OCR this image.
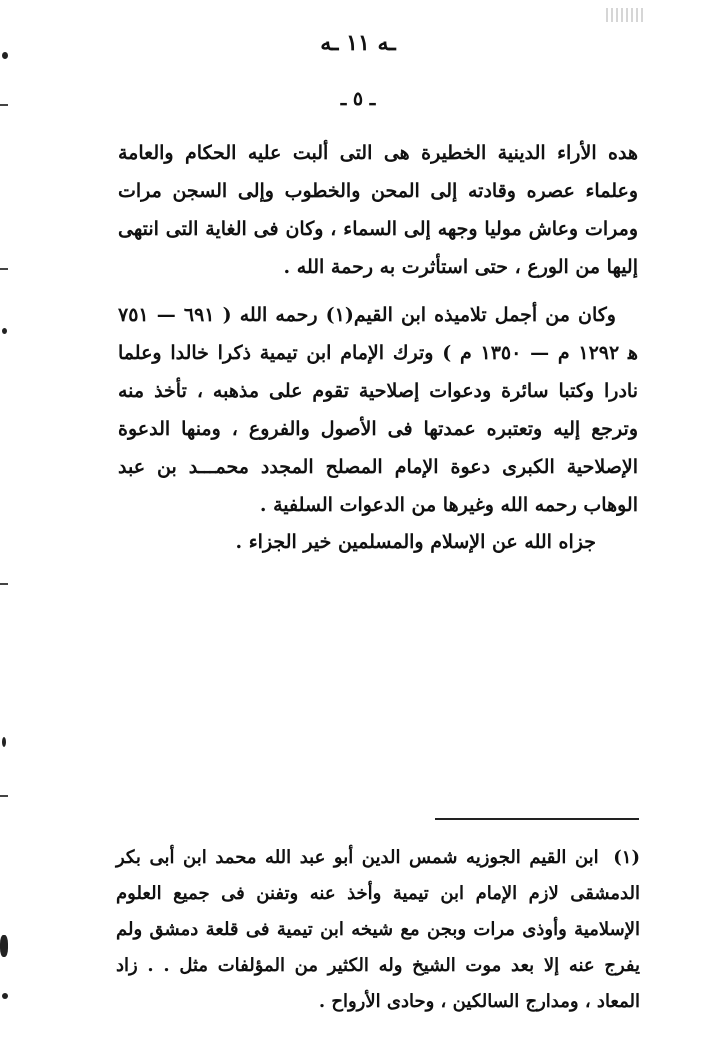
ـه ١١ ـه
ـ ٥ ـ

هده الأراء الدينية الخطيرة هى التى ألبت عليه الحكام والعامة وعلماء عصره وقادته إلى المحن والخطوب وإلى السجن مرات ومرات وعاش موليا وجهه إلى السماء ، وكان فى الغاية التى انتهى إليها من الورع ، حتى استأثرت به رحمة الله .

وكان من أجمل تلاميذه ابن القيم(١) رحمه الله ( ٦٩١ — ٧٥١ ﻫ ١٢٩٢ م — ١٣٥٠ م ) وترك الإمام ابن تيمية ذكرا خالدا وعلما نادرا وكتبا سائرة ودعوات إصلاحية تقوم على مذهبه ، تأخذ منه وترجع إليه وتعتبره عمدتها فى الأصول والفروع ، ومنها الدعوة الإصلاحية الكبرى دعوة الإمام المصلح المجدد محمـــد بن عبد الوهاب رحمه الله وغيرها من الدعوات السلفية .

جزاه الله عن الإسلام والمسلمين خير الجزاء .

(١) ابن القيم الجوزيه شمس الدين أبو عبد الله محمد ابن أبى بكر الدمشقى لازم الإمام ابن تيمية وأخذ عنه وتفنن فى جميع العلوم الإسلامية وأوذى مرات وبجن مع شيخه ابن تيمية فى قلعة دمشق ولم يفرج عنه إلا بعد موت الشيخ وله الكثير من المؤلفات مثل . . زاد المعاد ، ومدارج السالكين ، وحادى الأرواح .
